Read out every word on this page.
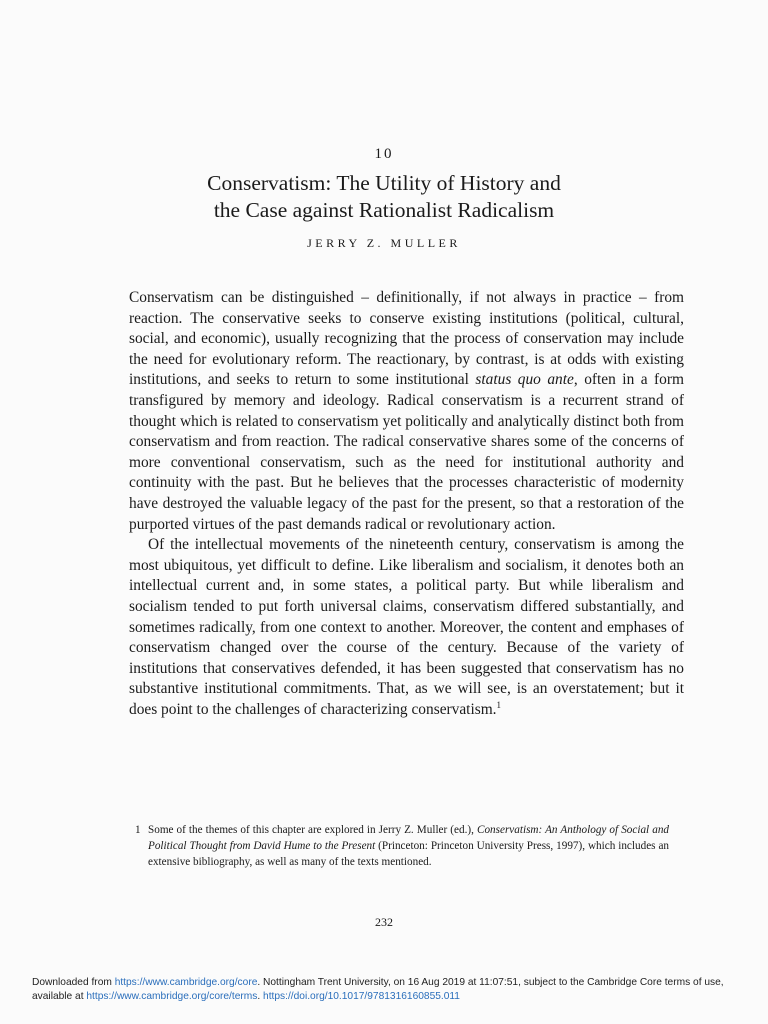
10
Conservatism: The Utility of History and
the Case against Rationalist Radicalism
JERRY Z. MULLER

Conservatism can be distinguished – definitionally, if not always in practice – from reaction. The conservative seeks to conserve existing institutions (political, cultural, social, and economic), usually recognizing that the process of conservation may include the need for evolutionary reform. The reactionary, by contrast, is at odds with existing institutions, and seeks to return to some institutional status quo ante, often in a form transfigured by memory and ideology. Radical conservatism is a recurrent strand of thought which is related to conservatism yet politically and analytically distinct both from conservatism and from reaction. The radical conservative shares some of the concerns of more conventional conservatism, such as the need for institutional authority and continuity with the past. But he believes that the processes characteristic of modernity have destroyed the valuable legacy of the past for the present, so that a restoration of the purported virtues of the past demands radical or revolutionary action.

Of the intellectual movements of the nineteenth century, conservatism is among the most ubiquitous, yet difficult to define. Like liberalism and socialism, it denotes both an intellectual current and, in some states, a political party. But while liberalism and socialism tended to put forth universal claims, conservatism differed substantially, and sometimes radically, from one context to another. Moreover, the content and emphases of conservatism changed over the course of the century. Because of the variety of institutions that conservatives defended, it has been suggested that conservatism has no substantive institutional commitments. That, as we will see, is an overstatement; but it does point to the challenges of characterizing conservatism.$^1$

1 Some of the themes of this chapter are explored in Jerry Z. Muller (ed.), Conservatism: An Anthology of Social and Political Thought from David Hume to the Present (Princeton: Princeton University Press, 1997), which includes an extensive bibliography, as well as many of the texts mentioned.
232
Downloaded from https://www.cambridge.org/core. Nottingham Trent University, on 16 Aug 2019 at 11:07:51, subject to the Cambridge Core terms of use, available at https://www.cambridge.org/core/terms. https://doi.org/10.1017/9781316160855.011
